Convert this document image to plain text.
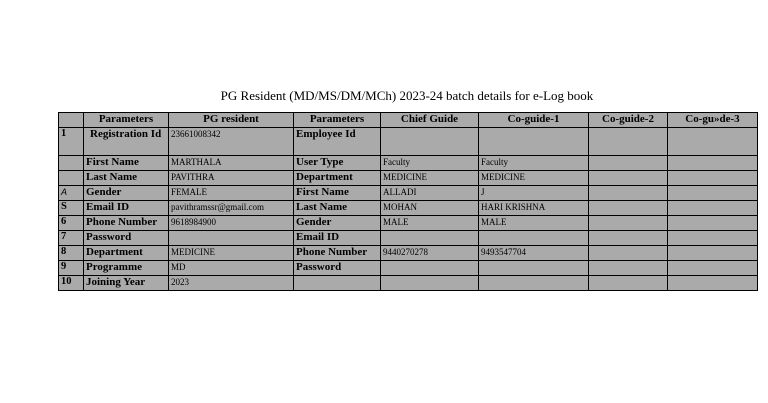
PG Resident (MD/MS/DM/MCh) 2023-24 batch details for e-Log book
	Parameters	PG resident	Parameters	Chief Guide	Co-guide-1	Co-guide-2	Co-gu»de-3
1	Registration Id	23661008342	Employee Id				
	First Name	MARTHALA	User Type	Faculty	Faculty		
	Last Name	PAVITHRA	Department	MEDICINE	MEDICINE		
A	Gender	FEMALE	First Name	ALLADI	J		
S	Email ID	pavithramssr@gmail.com	Last Name	MOHAN	HARI KRISHNA		
6	Phone Number	9618984900	Gender	MALE	MALE		
7	Password		Email ID				
8	Department	MEDICINE	Phone Number	9440270278	9493547704		
9	Programme	MD	Password				
10	Joining Year	2023					
